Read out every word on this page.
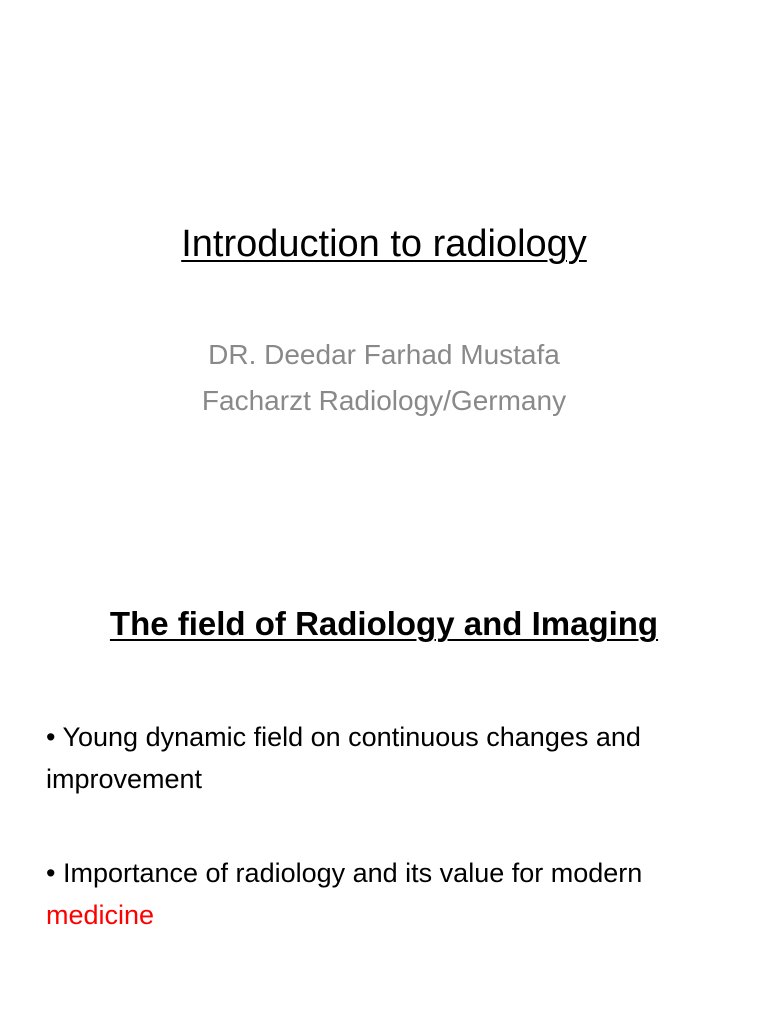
Introduction to radiology
DR. Deedar Farhad Mustafa
Facharzt Radiology/Germany
The field of Radiology and Imaging

• Young dynamic field on continuous changes and improvement

• Importance of radiology and its value for modern medicine
